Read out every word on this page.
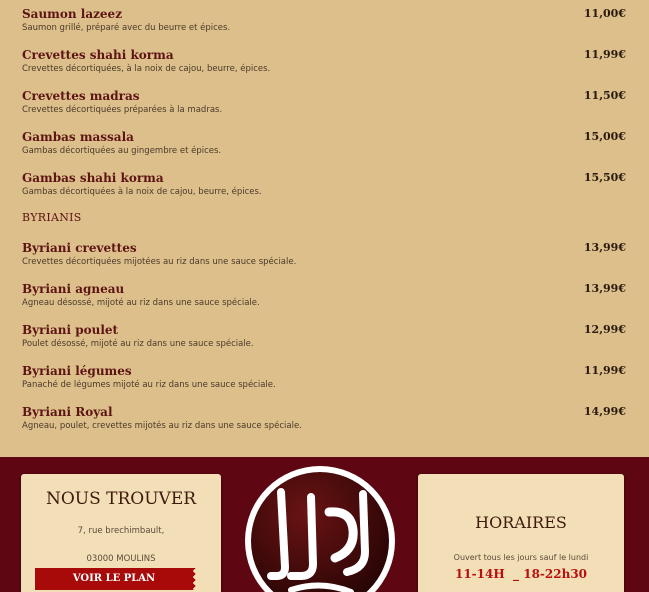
Saumon lazeez	11,00€
Saumon grillé, préparé avec du beurre et épices.
Crevettes shahi korma	11,99€
Crevettes décortiquées, à la noix de cajou, beurre, épices.
Crevettes madras	11,50€
Crevettes décortiquées préparées à la madras.
Gambas massala	15,00€
Gambas décortiquées au gingembre et épices.
Gambas shahi korma	15,50€
Gambas décortiquées à la noix de cajou, beurre, épices.
BYRIANIS
Byriani crevettes	13,99€
Crevettes décortiquées mijotées au riz dans une sauce spéciale.
Byriani agneau	13,99€
Agneau désossé, mijoté au riz dans une sauce spéciale.
Byriani poulet	12,99€
Poulet désossé, mijoté au riz dans une sauce spéciale.
Byriani légumes	11,99€
Panaché de légumes mijoté au riz dans une sauce spéciale.
Byriani Royal	14,99€
Agneau, poulet, crevettes mijotés au riz dans une sauce spéciale.
NOUS TROUVER
7, rue brechimbault,
03000 MOULINS
VOIR LE PLAN
HORAIRES
Ouvert tous les jours sauf le lundi
11-14H  _ 18-22h30
